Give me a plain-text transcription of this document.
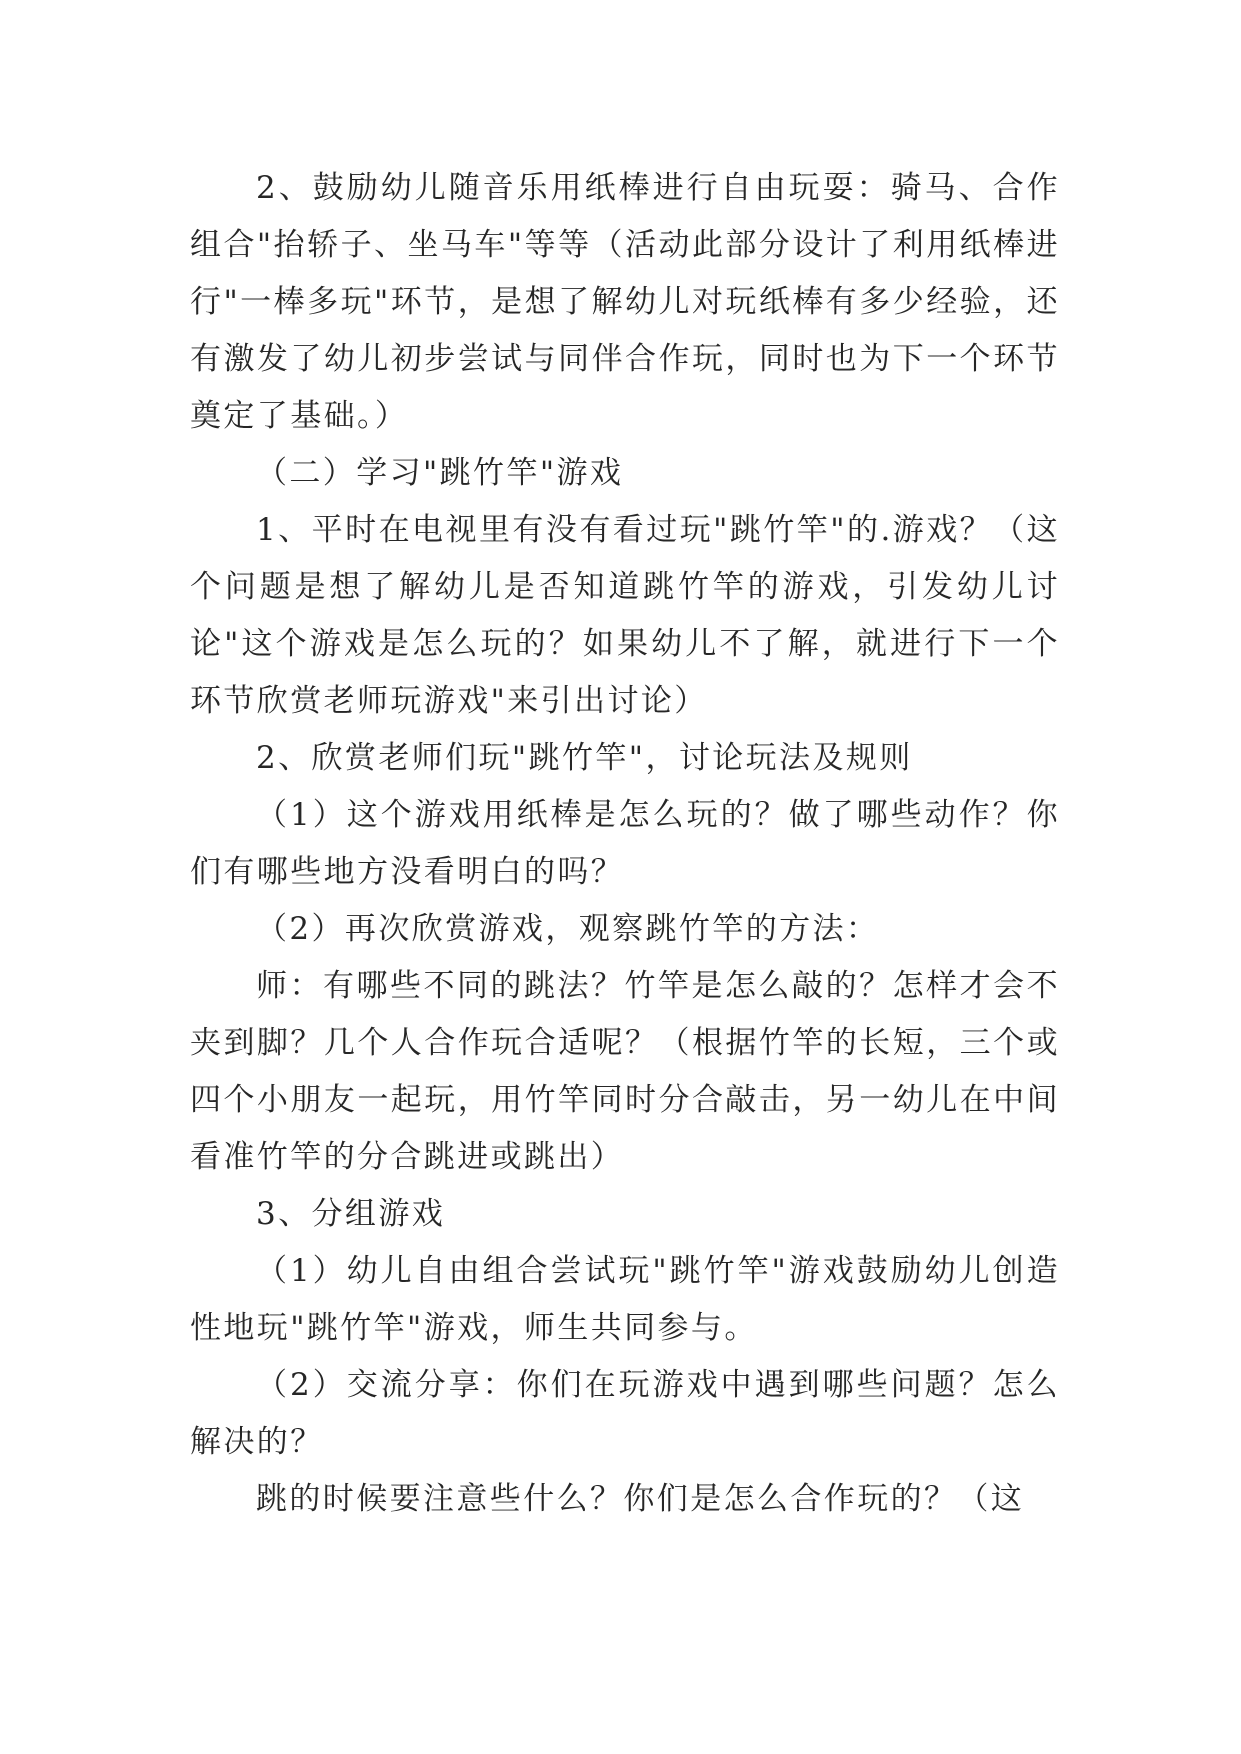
2、鼓励幼儿随音乐用纸棒进行自由玩耍：骑马、合作组合"抬轿子、坐马车"等等（活动此部分设计了利用纸棒进行"一棒多玩"环节，是想了解幼儿对玩纸棒有多少经验，还有激发了幼儿初步尝试与同伴合作玩，同时也为下一个环节奠定了基础。）

（二）学习"跳竹竿"游戏

1、平时在电视里有没有看过玩"跳竹竿"的.游戏？（这个问题是想了解幼儿是否知道跳竹竿的游戏，引发幼儿讨论"这个游戏是怎么玩的？如果幼儿不了解，就进行下一个环节欣赏老师玩游戏"来引出讨论）

2、欣赏老师们玩"跳竹竿"，讨论玩法及规则

（1）这个游戏用纸棒是怎么玩的？做了哪些动作？你们有哪些地方没看明白的吗？

（2）再次欣赏游戏，观察跳竹竿的方法：

师：有哪些不同的跳法？竹竿是怎么敲的？怎样才会不夹到脚？几个人合作玩合适呢？（根据竹竿的长短，三个或四个小朋友一起玩，用竹竿同时分合敲击，另一幼儿在中间看准竹竿的分合跳进或跳出）

3、分组游戏

（1）幼儿自由组合尝试玩"跳竹竿"游戏鼓励幼儿创造性地玩"跳竹竿"游戏，师生共同参与。

（2）交流分享：你们在玩游戏中遇到哪些问题？怎么解决的？

跳的时候要注意些什么？你们是怎么合作玩的？（这
